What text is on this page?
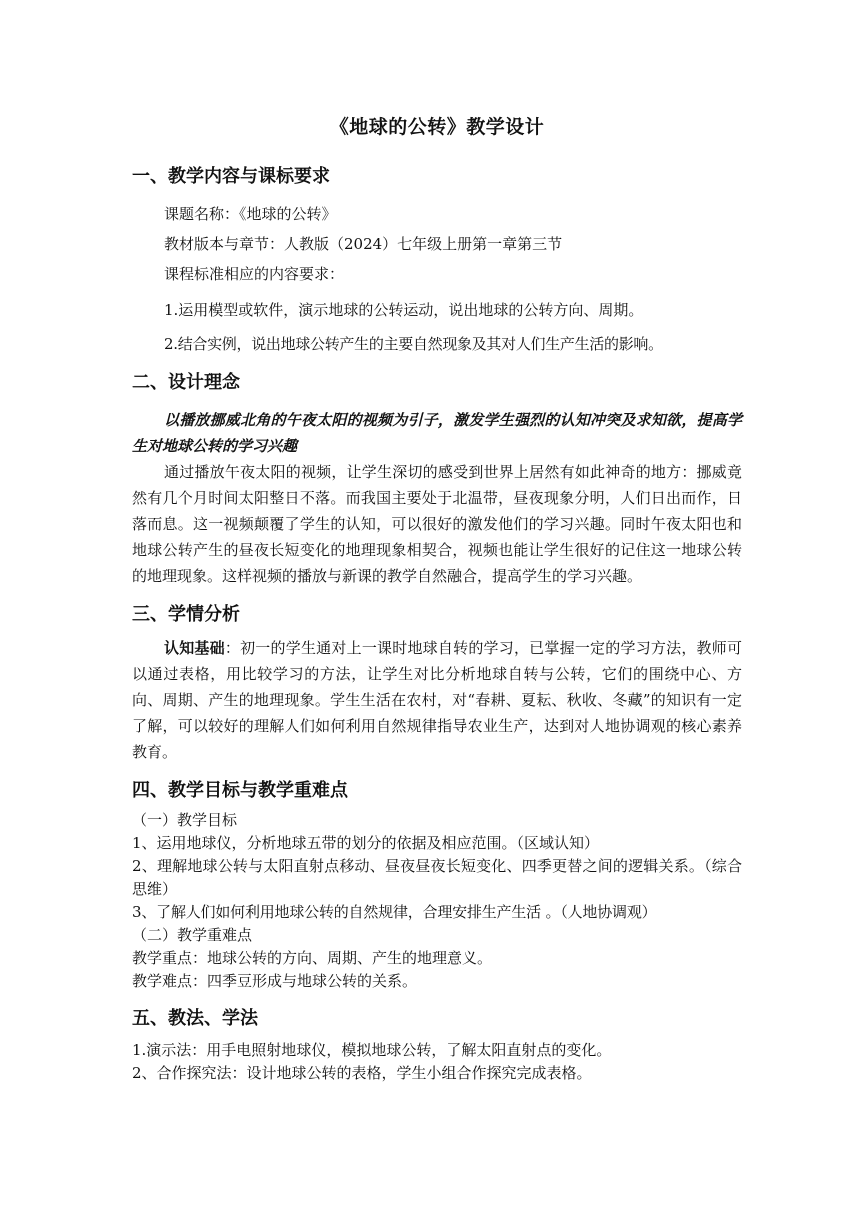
《地球的公转》教学设计
一、教学内容与课标要求
课题名称：《地球的公转》
教材版本与章节：人教版（2024）七年级上册第一章第三节
课程标准相应的内容要求：
1.运用模型或软件，演示地球的公转运动，说出地球的公转方向、周期。
2.结合实例，说出地球公转产生的主要自然现象及其对人们生产生活的影响。
二、设计理念
以播放挪威北角的午夜太阳的视频为引子，激发学生强烈的认知冲突及求知欲，提高学生对地球公转的学习兴趣
通过播放午夜太阳的视频，让学生深切的感受到世界上居然有如此神奇的地方：挪威竟然有几个月时间太阳整日不落。而我国主要处于北温带，昼夜现象分明，人们日出而作，日落而息。这一视频颠覆了学生的认知，可以很好的激发他们的学习兴趣。同时午夜太阳也和地球公转产生的昼夜长短变化的地理现象相契合，视频也能让学生很好的记住这一地球公转的地理现象。这样视频的播放与新课的教学自然融合，提高学生的学习兴趣。
三、学情分析
认知基础：初一的学生通对上一课时地球自转的学习，已掌握一定的学习方法，教师可以通过表格，用比较学习的方法，让学生对比分析地球自转与公转，它们的围绕中心、方向、周期、产生的地理现象。学生生活在农村，对“春耕、夏耘、秋收、冬藏”的知识有一定了解，可以较好的理解人们如何利用自然规律指导农业生产，达到对人地协调观的核心素养教育。
四、教学目标与教学重难点
（一）教学目标
1、运用地球仪，分析地球五带的划分的依据及相应范围。（区域认知）
2、理解地球公转与太阳直射点移动、昼夜昼夜长短变化、四季更替之间的逻辑关系。（综合思维）
3、了解人们如何利用地球公转的自然规律，合理安排生产生活 。（人地协调观）
（二）教学重难点
教学重点：地球公转的方向、周期、产生的地理意义。
教学难点：四季豆形成与地球公转的关系。
五、教法、学法
1.演示法：用手电照射地球仪，模拟地球公转，了解太阳直射点的变化。
2、合作探究法：设计地球公转的表格，学生小组合作探究完成表格。
